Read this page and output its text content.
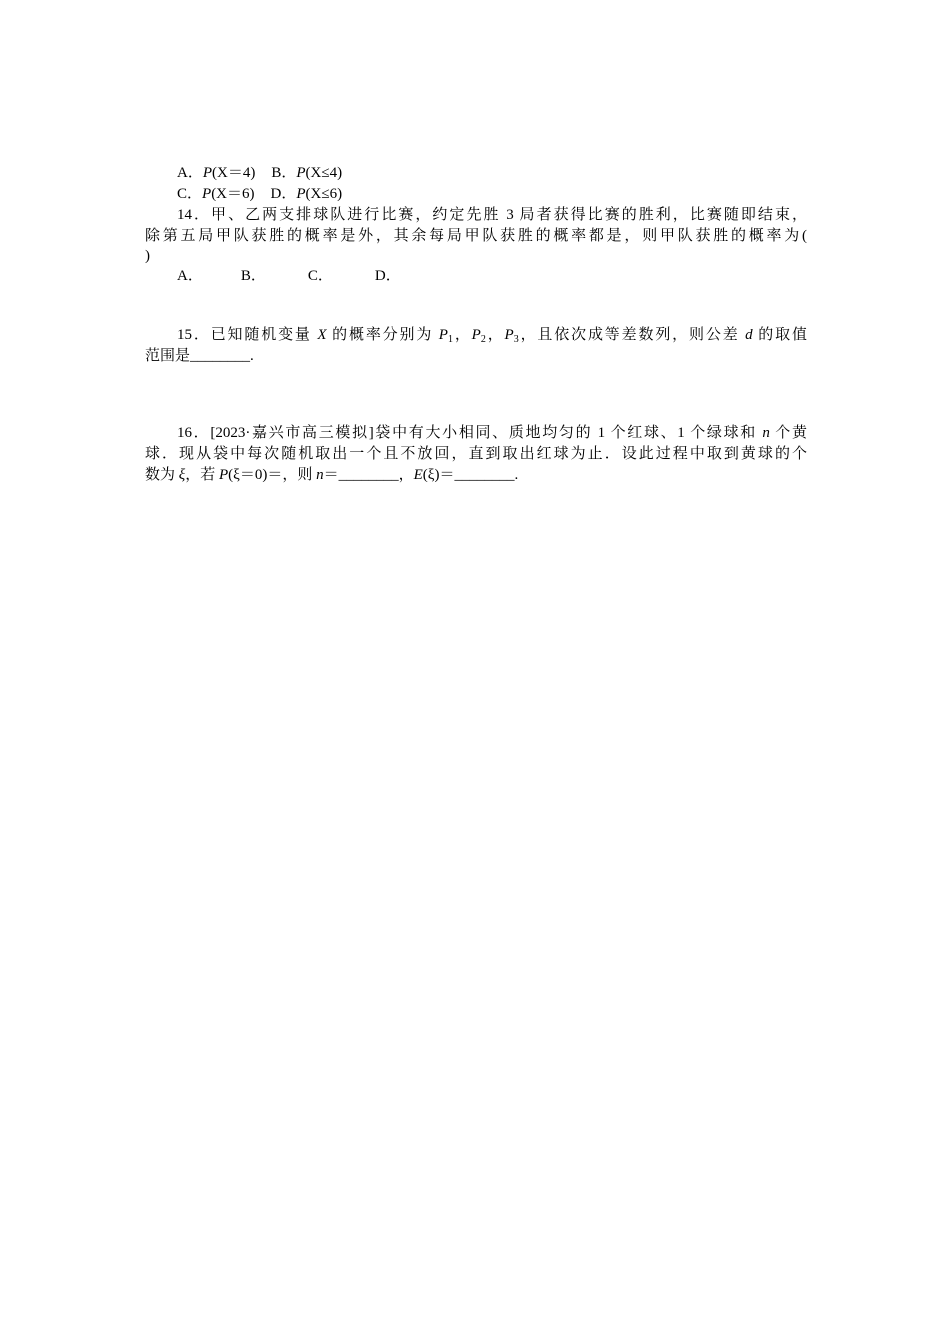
A．P(X＝4) B．P(X≤4)
C．P(X＝6) D．P(X≤6)
14．甲、乙两支排球队进行比赛，约定先胜 3 局者获得比赛的胜利，比赛随即结束，
除第五局甲队获胜的概率是外，其余每局甲队获胜的概率都是，则甲队获胜的概率为(
)
A．	B．	C．	D．
15．已知随机变量 X 的概率分别为 $P_1$，$P_2$，$P_3$，且依次成等差数列，则公差 d 的取值
范围是________.
16．[2023·嘉兴市高三模拟]袋中有大小相同、质地均匀的 1 个红球、1 个绿球和 n 个黄
球．现从袋中每次随机取出一个且不放回，直到取出红球为止．设此过程中取到黄球的个
数为 ξ，若 P(ξ＝0)＝，则 n＝________，E(ξ)＝________.
